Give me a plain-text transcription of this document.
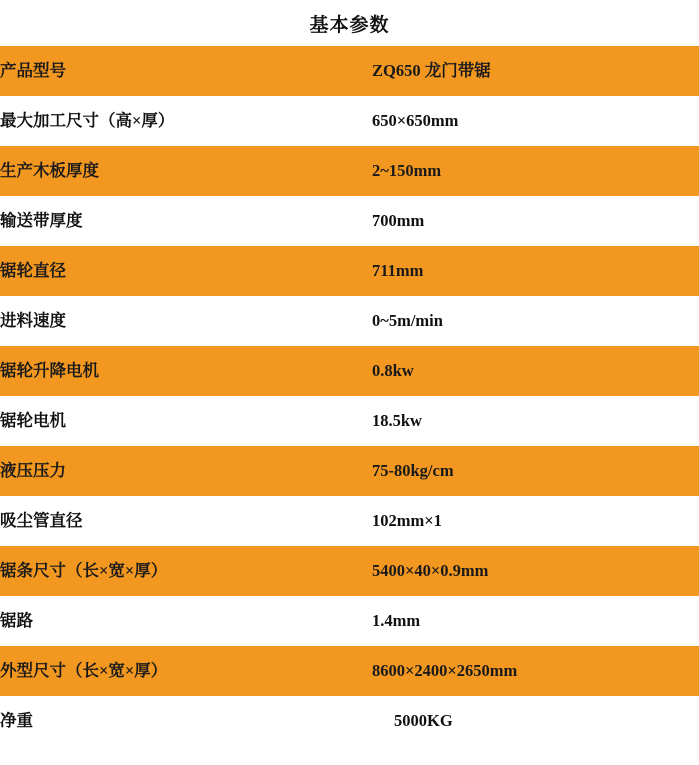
基本参数
产品型号	ZQ650 龙门带锯
最大加工尺寸（高×厚）	650×650mm
生产木板厚度	2~150mm
输送带厚度	700mm
锯轮直径	711mm
进料速度	0~5m/min
锯轮升降电机	0.8kw
锯轮电机	18.5kw
液压压力	75-80kg/cm
吸尘管直径	102mm×1
锯条尺寸（长×宽×厚）	5400×40×0.9mm
锯路	1.4mm
外型尺寸（长×宽×厚）	8600×2400×2650mm
净重	5000KG
